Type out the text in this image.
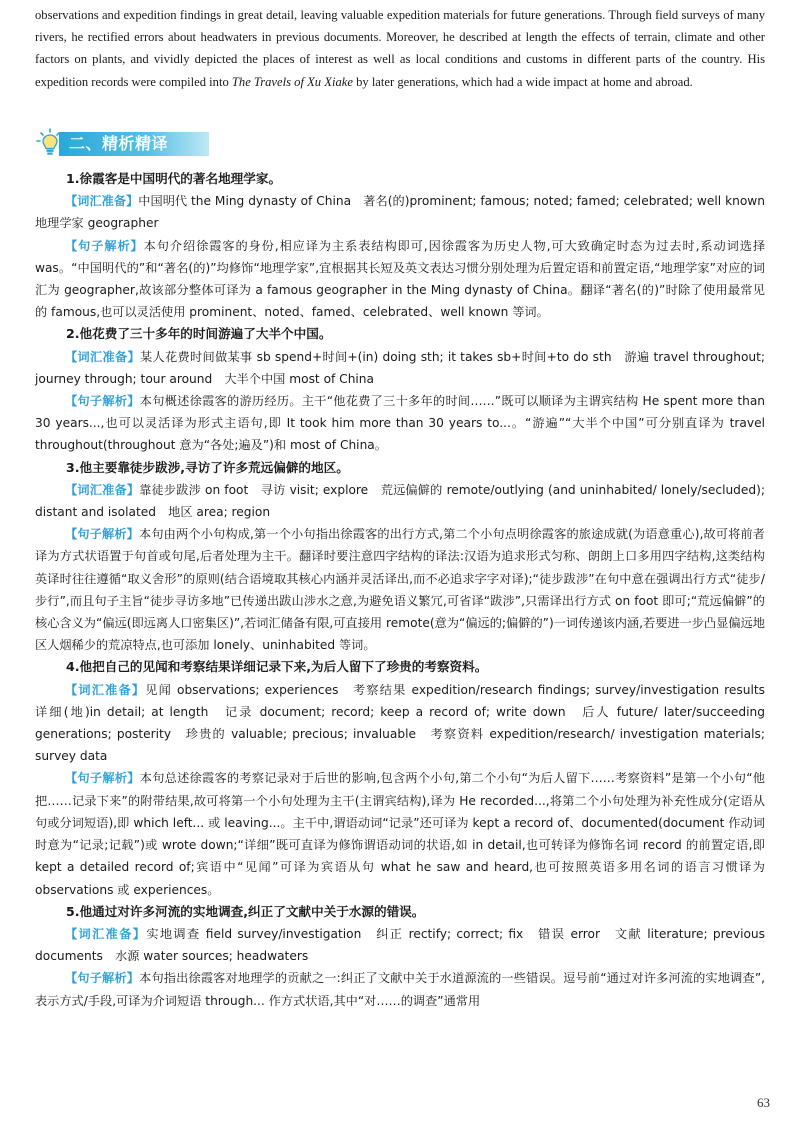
observations and expedition findings in great detail, leaving valuable expedition materials for future generations. Through field surveys of many rivers, he rectified errors about headwaters in previous documents. Moreover, he described at length the effects of terrain, climate and other factors on plants, and vividly depicted the places of interest as well as local conditions and customs in different parts of the country. His expedition records were compiled into The Travels of Xu Xiake by later generations, which had a wide impact at home and abroad.

二、精析精译

1.徐霞客是中国明代的著名地理学家。

【词汇准备】中国明代 the Ming dynasty of China　著名(的)prominent; famous; noted; famed; celebrated; well known　地理学家 geographer

【句子解析】本句介绍徐霞客的身份,相应译为主系表结构即可,因徐霞客为历史人物,可大致确定时态为过去时,系动词选择 was。“中国明代的”和“著名(的)”均修饰“地理学家”,宜根据其长短及英文表达习惯分别处理为后置定语和前置定语,“地理学家”对应的词汇为 geographer,故该部分整体可译为 a famous geographer in the Ming dynasty of China。翻译“著名(的)”时除了使用最常见的 famous,也可以灵活使用 prominent、noted、famed、celebrated、well known 等词。

2.他花费了三十多年的时间游遍了大半个中国。

【词汇准备】某人花费时间做某事 sb spend+时间+(in) doing sth; it takes sb+时间+to do sth　游遍 travel throughout; journey through; tour around　大半个中国 most of China

【句子解析】本句概述徐霞客的游历经历。主干“他花费了三十多年的时间……”既可以顺译为主谓宾结构 He spent more than 30 years...,也可以灵活译为形式主语句,即 It took him more than 30 years to...。“游遍”“大半个中国”可分别直译为 travel throughout(throughout 意为“各处;遍及”)和 most of China。

3.他主要靠徒步跋涉,寻访了许多荒远偏僻的地区。

【词汇准备】靠徒步跋涉 on foot　寻访 visit; explore　荒远偏僻的 remote/outlying (and uninhabited/ lonely/secluded); distant and isolated　地区 area; region

【句子解析】本句由两个小句构成,第一个小句指出徐霞客的出行方式,第二个小句点明徐霞客的旅途成就(为语意重心),故可将前者译为方式状语置于句首或句尾,后者处理为主干。翻译时要注意四字结构的译法:汉语为追求形式匀称、朗朗上口多用四字结构,这类结构英译时往往遵循“取义舍形”的原则(结合语境取其核心内涵并灵活译出,而不必追求字字对译);“徒步跋涉”在句中意在强调出行方式“徒步/步行”,而且句子主旨“徒步寻访多地”已传递出跋山涉水之意,为避免语义繁冗,可省译“跋涉”,只需译出行方式 on foot 即可;“荒远偏僻”的核心含义为“偏远(即远离人口密集区)”,若词汇储备有限,可直接用 remote(意为“偏远的;偏僻的”)一词传递该内涵,若要进一步凸显偏远地区人烟稀少的荒凉特点,也可添加 lonely、uninhabited 等词。

4.他把自己的见闻和考察结果详细记录下来,为后人留下了珍贵的考察资料。

【词汇准备】见闻 observations; experiences　考察结果 expedition/research findings; survey/investigation results　详细(地)in detail; at length　记录 document; record; keep a record of; write down　后人 future/ later/succeeding generations; posterity　珍贵的 valuable; precious; invaluable　考察资料 expedition/research/ investigation materials; survey data

【句子解析】本句总述徐霞客的考察记录对于后世的影响,包含两个小句,第二个小句“为后人留下……考察资料”是第一个小句“他把……记录下来”的附带结果,故可将第一个小句处理为主干(主谓宾结构),译为 He recorded...,将第二个小句处理为补充性成分(定语从句或分词短语),即 which left... 或 leaving...。主干中,谓语动词“记录”还可译为 kept a record of、documented(document 作动词时意为“记录;记载”)或 wrote down;“详细”既可直译为修饰谓语动词的状语,如 in detail,也可转译为修饰名词 record 的前置定语,即 kept a detailed record of;宾语中“见闻”可译为宾语从句 what he saw and heard,也可按照英语多用名词的语言习惯译为 observations 或 experiences。

5.他通过对许多河流的实地调查,纠正了文献中关于水源的错误。

【词汇准备】实地调查 field survey/investigation　纠正 rectify; correct; fix　错误 error　文献 literature; previous documents　水源 water sources; headwaters

【句子解析】本句指出徐霞客对地理学的贡献之一:纠正了文献中关于水道源流的一些错误。逗号前“通过对许多河流的实地调查”,表示方式/手段,可译为介词短语 through... 作方式状语,其中“对……的调查”通常用

63
